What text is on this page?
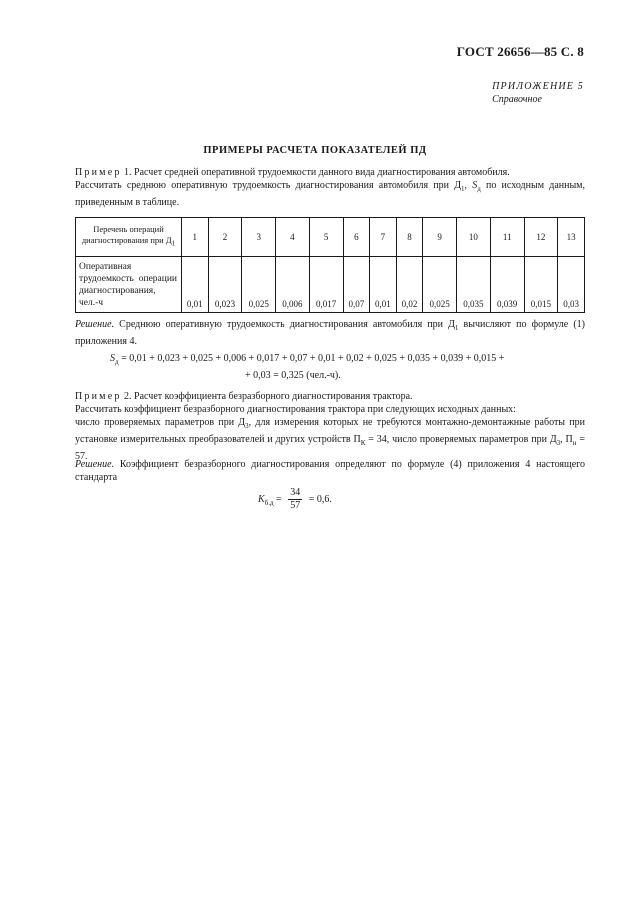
ГОСТ 26656—85 С. 8
ПРИЛОЖЕНИЕ 5
Справочное
ПРИМЕРЫ РАСЧЕТА ПОКАЗАТЕЛЕЙ ПД
Пример 1. Расчет средней оперативной трудоемкости данного вида диагностирования автомобиля.
Рассчитать среднюю оперативную трудоемкость диагностирования автомобиля при $Д_1$, $S_д$ по исходным данным, приведенным в таблице.
Перечень операций диагностирования при $Д_1$	1	2	3	4	5	6	7	8	9	10	11	12	13
Оперативная трудоемкость операции диагностирования, чел.-ч	0,01	0,023	0,025	0,006	0,017	0,07	0,01	0,02	0,025	0,035	0,039	0,015	0,03
Решение. Среднюю оперативную трудоемкость диагностирования автомобиля при $Д_1$ вычисляют по формуле (1) приложения 4.
$S_д = 0,01 + 0,023 + 0,025 + 0,006 + 0,017 + 0,07 + 0,01 + 0,02 + 0,025 + 0,035 + 0,039 + 0,015$ +
+ 0,03 = 0,325 (чел.-ч).
Пример 2. Расчет коэффициента безразборного диагностирования трактора.
Рассчитать коэффициент безразборного диагностирования трактора при следующих исходных данных:
число проверяемых параметров при $Д_3$, для измерения которых не требуются монтажно-демонтажные работы при установке измерительных преобразователей и других устройств $П_К = 34$, число проверяемых параметров при $Д_3$, $П_н = 57$.
Решение. Коэффициент безразборного диагностирования определяют по формуле (4) приложения 4 настоящего стандарта
$K_{б.д} = \frac{34}{57} = 0,6$.
